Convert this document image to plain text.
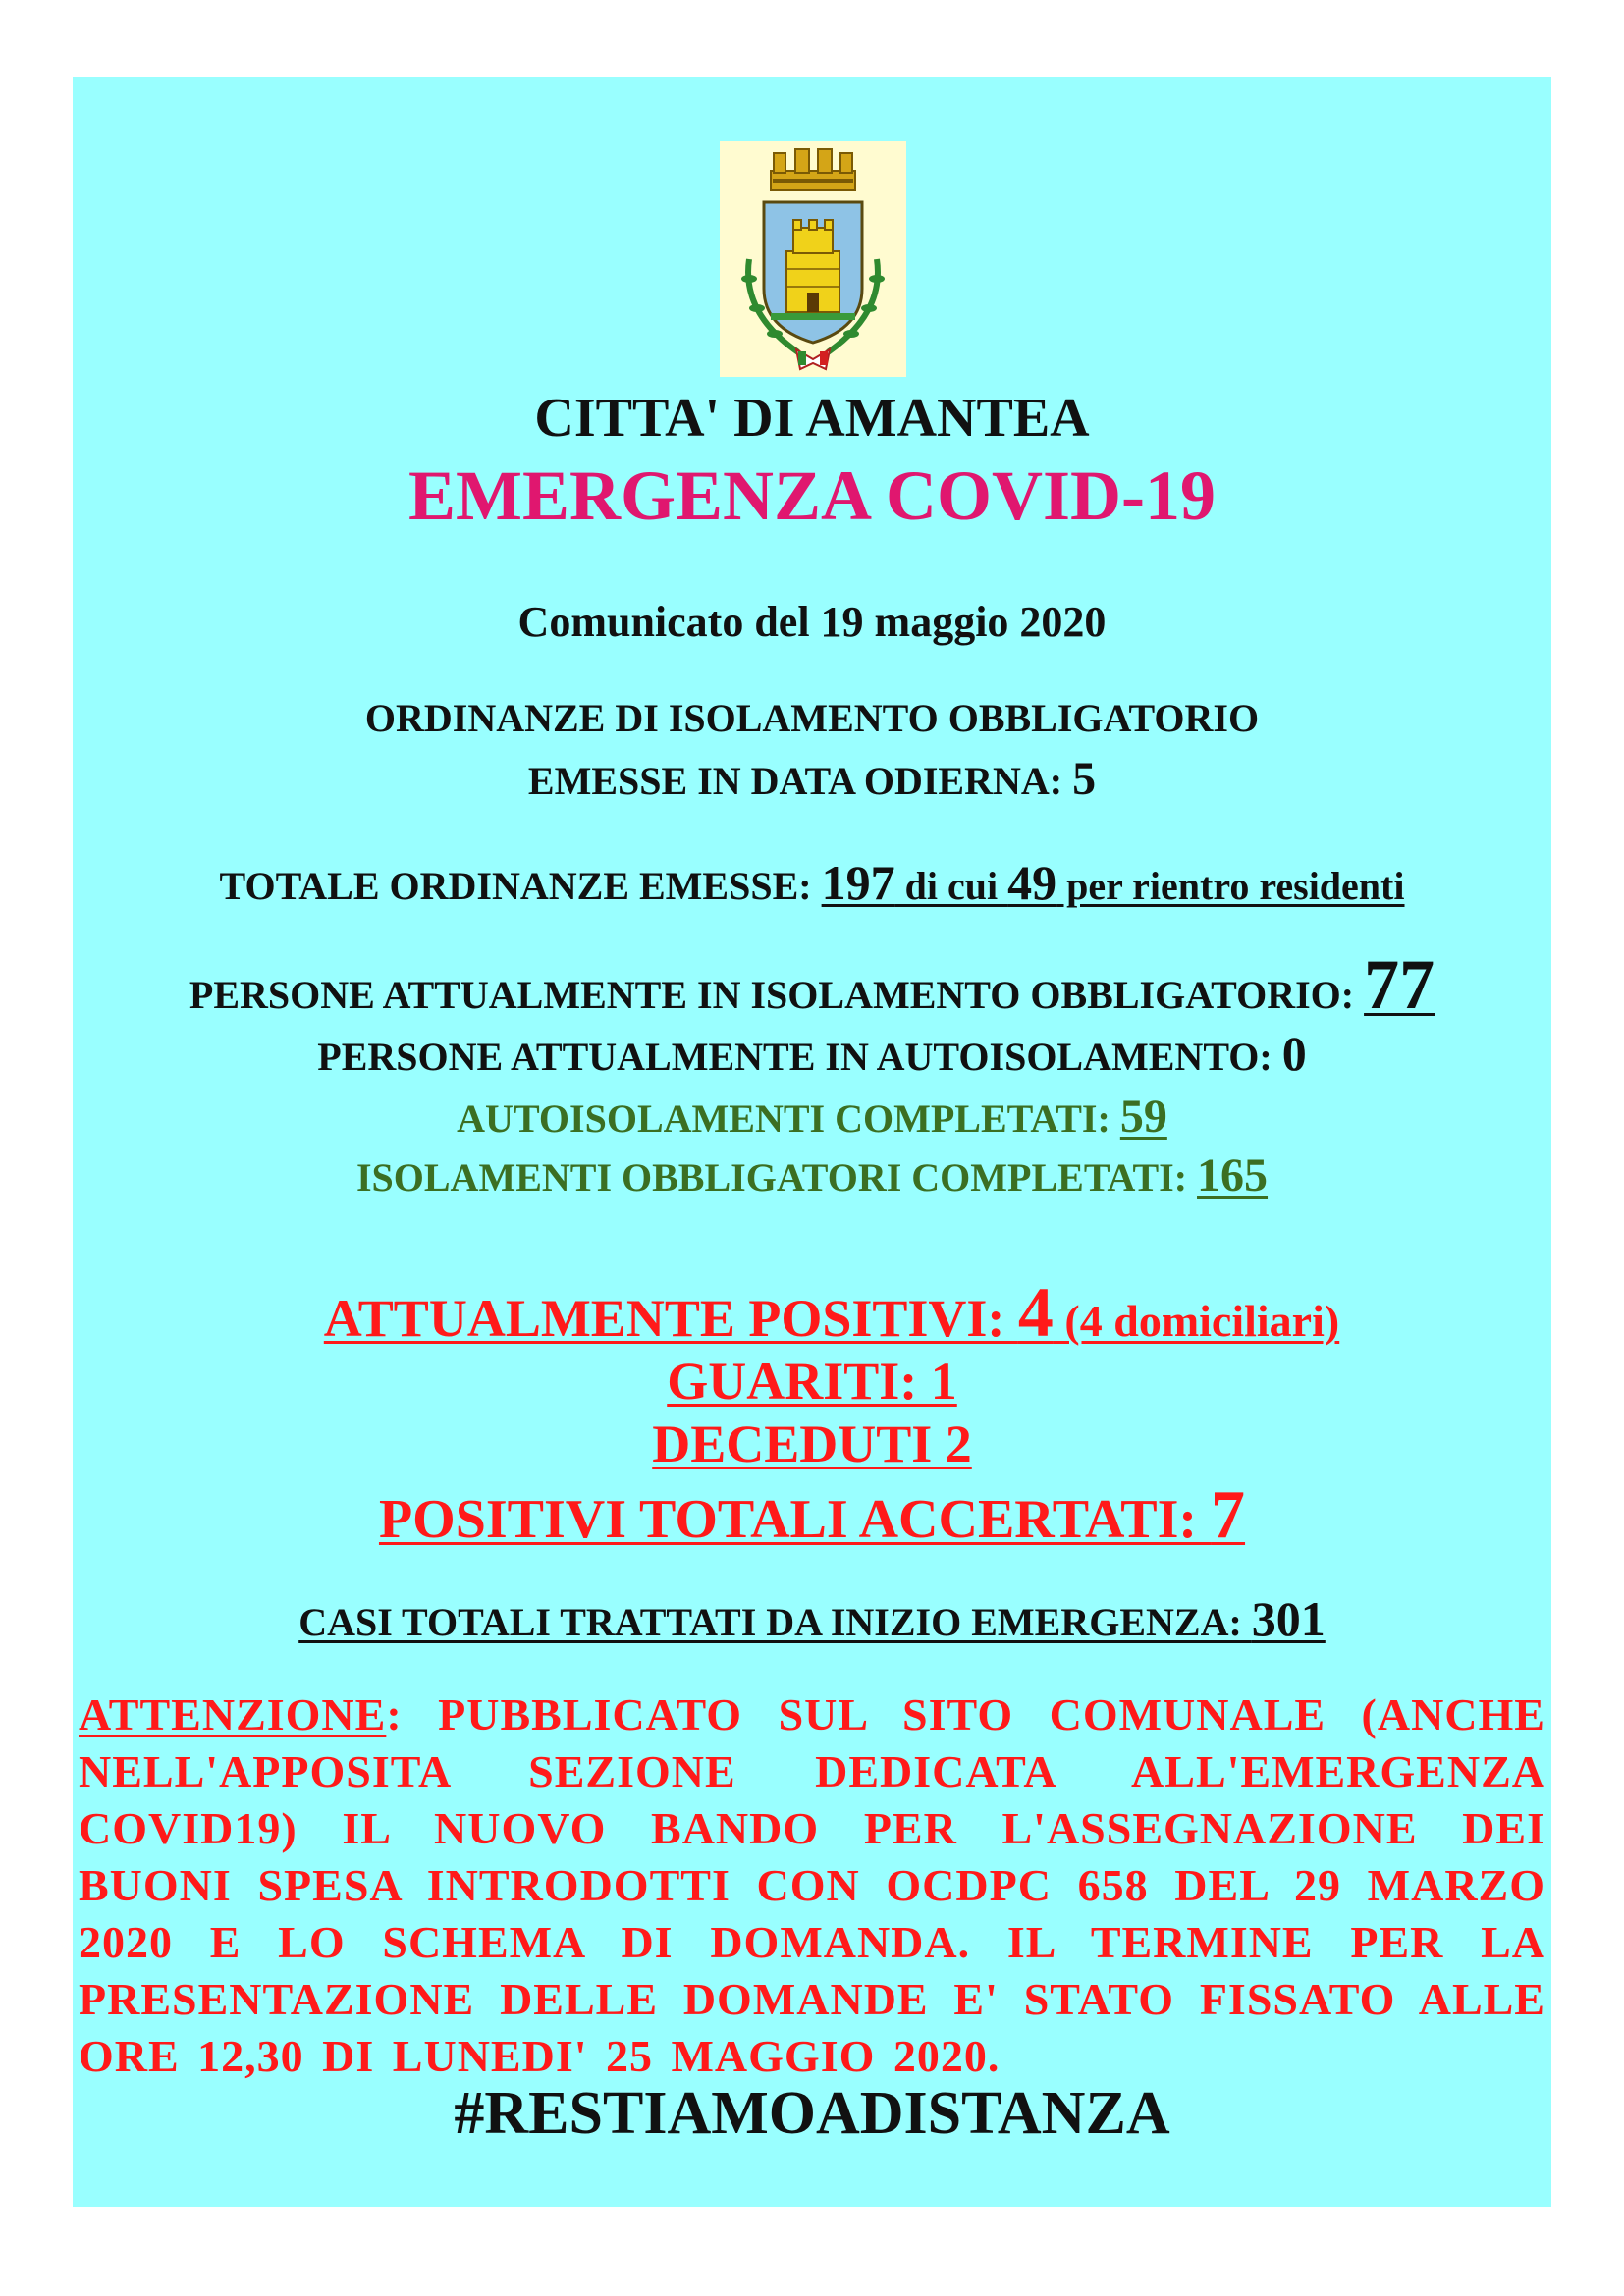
CITTA' DI AMANTEA
EMERGENZA COVID-19
Comunicato del 19 maggio 2020
ORDINANZE DI ISOLAMENTO OBBLIGATORIO
EMESSE IN DATA ODIERNA: 5
TOTALE ORDINANZE EMESSE: 197 di cui 49 per rientro residenti
PERSONE ATTUALMENTE IN ISOLAMENTO OBBLIGATORIO: 77
PERSONE ATTUALMENTE IN AUTOISOLAMENTO: 0
AUTOISOLAMENTI COMPLETATI: 59
ISOLAMENTI OBBLIGATORI COMPLETATI: 165
ATTUALMENTE POSITIVI: 4 (4 domiciliari)
GUARITI: 1
DECEDUTI 2
POSITIVI TOTALI ACCERTATI: 7
CASI TOTALI TRATTATI DA INIZIO EMERGENZA: 301
ATTENZIONE: PUBBLICATO SUL SITO COMUNALE (ANCHE NELL'APPOSITA SEZIONE DEDICATA ALL'EMERGENZA COVID19) IL NUOVO BANDO PER L'ASSEGNAZIONE DEI BUONI SPESA INTRODOTTI CON OCDPC 658 DEL 29 MARZO 2020 E LO SCHEMA DI DOMANDA. IL TERMINE PER LA PRESENTAZIONE DELLE DOMANDE E' STATO FISSATO ALLE ORE 12,30 DI LUNEDI' 25 MAGGIO 2020.
#RESTIAMOADISTANZA
